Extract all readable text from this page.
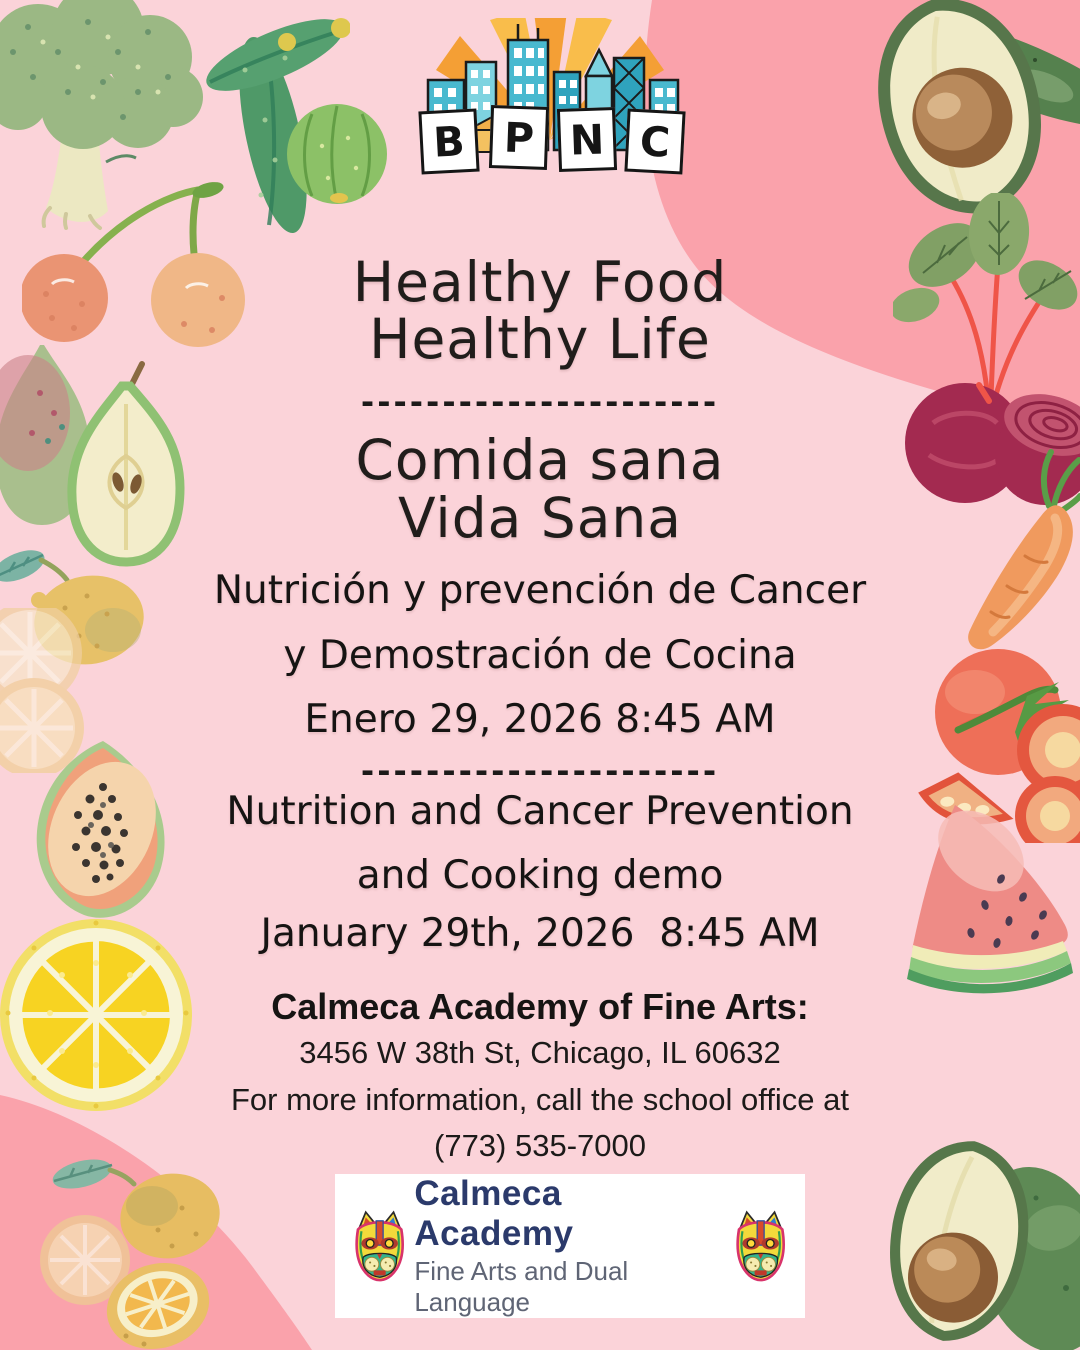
B P N C
Healthy Food
Healthy Life
----------------------
Comida sana
Vida Sana
Nutrición y prevención de Cancer
y Demostración de Cocina
Enero 29, 2026 8:45 AM
----------------------
Nutrition and Cancer Prevention
and Cooking demo
January 29th, 2026  8:45 AM
Calmeca Academy of Fine Arts:
3456 W 38th St, Chicago, IL 60632
For more information, call the school office at
(773) 535-7000
Calmeca Academy
Fine Arts and Dual Language
